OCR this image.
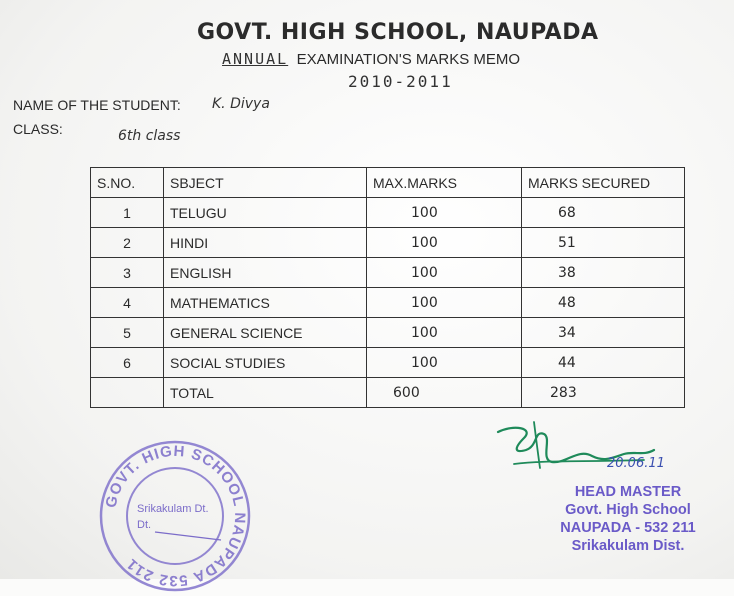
GOVT. HIGH SCHOOL, NAUPADA
ANNUAL EXAMINATION'S MARKS MEMO
2010-2011
NAME OF THE STUDENT: K. Divya
CLASS:	6th class
S.NO.	SBJECT	MAX.MARKS	MARKS SECURED
1	TELUGU	100	68
2	HINDI	100	51
3	ENGLISH	100	38
4	MATHEMATICS	100	48
5	GENERAL SCIENCE	100	34
6	SOCIAL STUDIES	100	44
	TOTAL	600	283
GOVT. HIGH SCHOOL NAUPADA 532 211
Srikakulam Dt.
Dt.
20.06.11
HEAD MASTER
Govt. High School
NAUPADA - 532 211
Srikakulam Dist.
